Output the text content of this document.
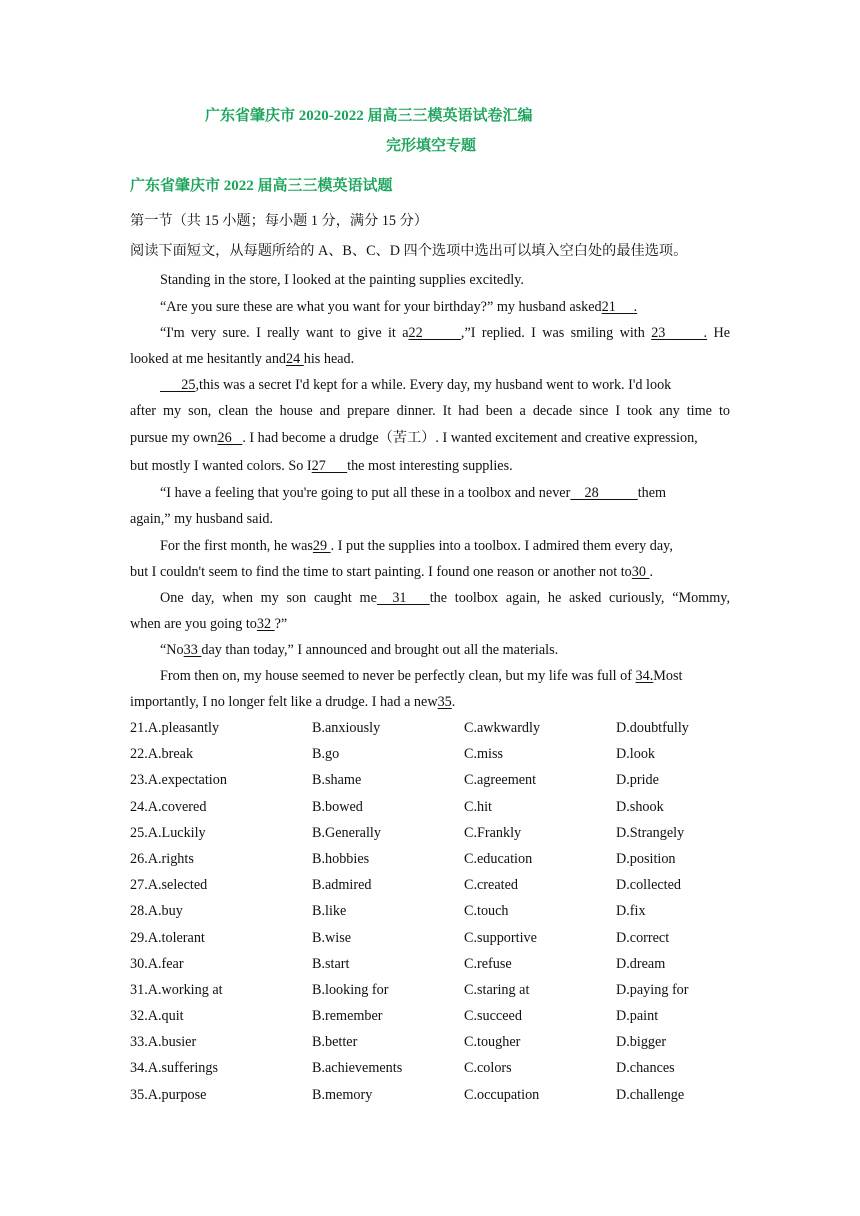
广东省肇庆市 2020-2022 届高三三模英语试卷汇编
完形填空专题
广东省肇庆市 2022 届高三三模英语试题
第一节（共 15 小题；每小题 1 分，满分 15 分）
阅读下面短文，从每题所给的 A、B、C、D 四个选项中选出可以填入空白处的最佳选项。
Standing in the store, I looked at the painting supplies excitedly.
“Are you sure these are what you want for your birthday?” my husband asked21     .
“I'm very sure. I really want to give it a22      ,”I replied. I was smiling with 23      . He
looked at me hesitantly and24 his head.
25,this was a secret I'd kept for a while. Every day, my husband went to work. I'd look
after my son, clean the house and prepare dinner. It had been a decade since I took any time to
pursue my own26   . I had become a drudge（苦工）. I wanted excitement and creative expression,
but mostly I wanted colors. So I27      the most interesting supplies.
“I have a feeling that you're going to put all these in a toolbox and never    28           them
again,” my husband said.
For the first month, he was29 . I put the supplies into a toolbox. I admired them every day,
but I couldn't seem to find the time to start painting. I found one reason or another not to30 .
One day, when my son caught me  31   the toolbox again, he asked curiously, “Mommy,
when are you going to32 ?”
“No33 day than today,” I announced and brought out all the materials.
From then on, my house seemed to never be perfectly clean, but my life was full of 34.Most
importantly, I no longer felt like a drudge. I had a new35.
21.A.pleasantly	B.anxiously	C.awkwardly	D.doubtfully
22.A.break	B.go	C.miss	D.look
23.A.expectation	B.shame	C.agreement	D.pride
24.A.covered	B.bowed	C.hit	D.shook
25.A.Luckily	B.Generally	C.Frankly	D.Strangely
26.A.rights	B.hobbies	C.education	D.position
27.A.selected	B.admired	C.created	D.collected
28.A.buy	B.like	C.touch	D.fix
29.A.tolerant	B.wise	C.supportive	D.correct
30.A.fear	B.start	C.refuse	D.dream
31.A.working at	B.looking for	C.staring at	D.paying for
32.A.quit	B.remember	C.succeed	D.paint
33.A.busier	B.better	C.tougher	D.bigger
34.A.sufferings	B.achievements	C.colors	D.chances
35.A.purpose	B.memory	C.occupation	D.challenge
